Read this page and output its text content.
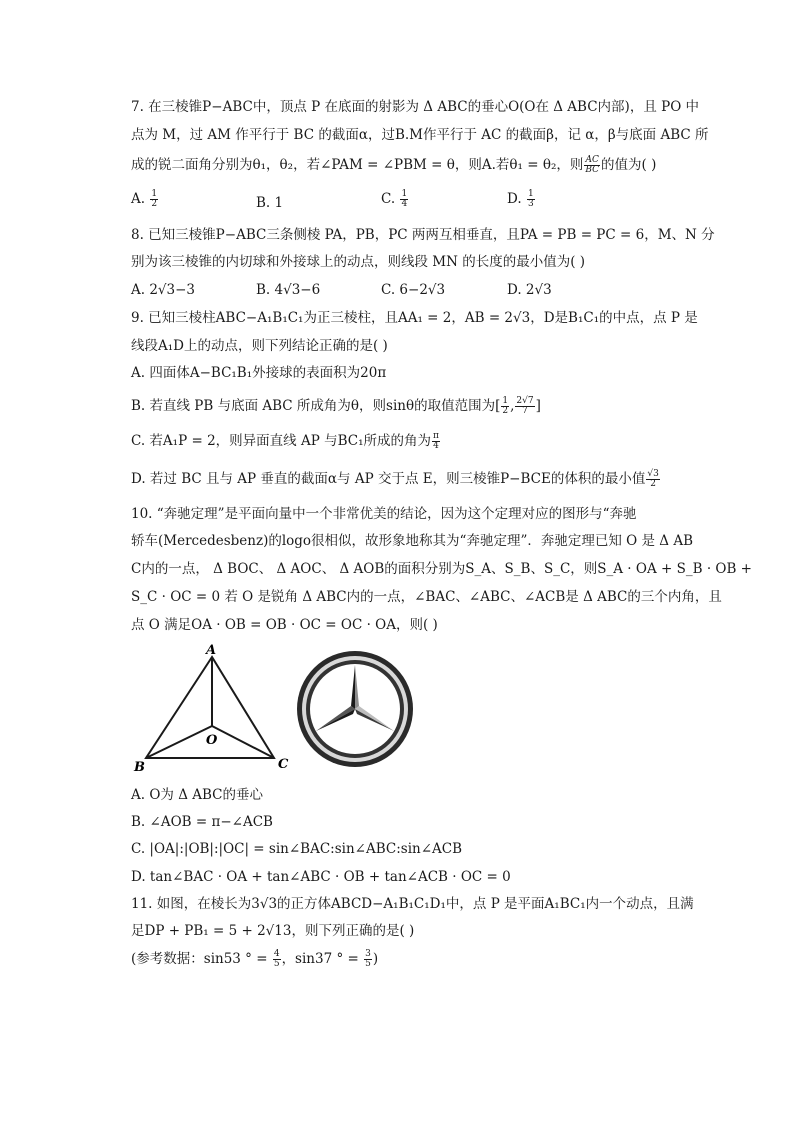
7. 在三棱锥P−ABC中，顶点 P 在底面的射影为 Δ ABC的垂心O(O在 Δ ABC内部)，且 PO 中
点为 M，过 AM 作平行于 BC 的截面α，过B.M作平行于 AC 的截面β，记 α，β与底面 ABC 所
成的锐二面角分别为θ₁，θ₂，若∠PAM = ∠PBM = θ，则A.若θ₁ = θ₂，则 $\frac{AC}{BC}$ 的值为( )
A. $\frac{1}{2}$	B. 1	C. $\frac{1}{4}$	D. $\frac{1}{3}$
8. 已知三棱锥P−ABC三条侧棱 PA，PB，PC 两两互相垂直，且PA = PB = PC = 6，M、N 分
别为该三棱锥的内切球和外接球上的动点，则线段 MN 的长度的最小值为( )
A. 2√3−3	B. 4√3−6	C. 6−2√3	D. 2√3
9. 已知三棱柱ABC−A₁B₁C₁为正三棱柱，且AA₁ = 2，AB = 2√3，D是B₁C₁的中点，点 P 是
线段A₁D上的动点，则下列结论正确的是( )
A. 四面体A−BC₁B₁外接球的表面积为20π
B. 若直线 PB 与底面 ABC 所成角为θ，则sinθ的取值范围为[ $\frac{1}{2}$ , $\frac{2√7}{7}$ ]
C. 若A₁P = 2，则异面直线 AP 与BC₁所成的角为 $\frac{\pi}{4}$
D. 若过 BC 且与 AP 垂直的截面α与 AP 交于点 E，则三棱锥P−BCE的体积的最小值 $\frac{√3}{2}$
10. “奔驰定理”是平面向量中一个非常优美的结论，因为这个定理对应的图形与“奔驰
轿车(Mercedesbenz)的logo很相似，故形象地称其为“奔驰定理”．奔驰定理已知 O 是 Δ AB
C内的一点， Δ BOC、 Δ AOC、 Δ AOB的面积分别为S_A、S_B、S_C，则S_A · OA + S_B · OB +
S_C · OC = 0 若 O 是锐角 Δ ABC内的一点，∠BAC、∠ABC、∠ACB是 Δ ABC的三个内角，且
点 O 满足OA · OB = OB · OC = OC · OA，则( )
A
B	C
O
A. O为 Δ ABC的垂心
B. ∠AOB = π−∠ACB
C. |OA|:|OB|:|OC| = sin∠BAC:sin∠ABC:sin∠ACB
D. tan∠BAC · OA + tan∠ABC · OB + tan∠ACB · OC = 0
11. 如图，在棱长为3√3的正方体ABCD−A₁B₁C₁D₁中，点 P 是平面A₁BC₁内一个动点，且满
足DP + PB₁ = 5 + 2√13，则下列正确的是( )
(参考数据：sin53 ° = $\frac{4}{5}$ ，sin37 ° = $\frac{3}{5}$ )
